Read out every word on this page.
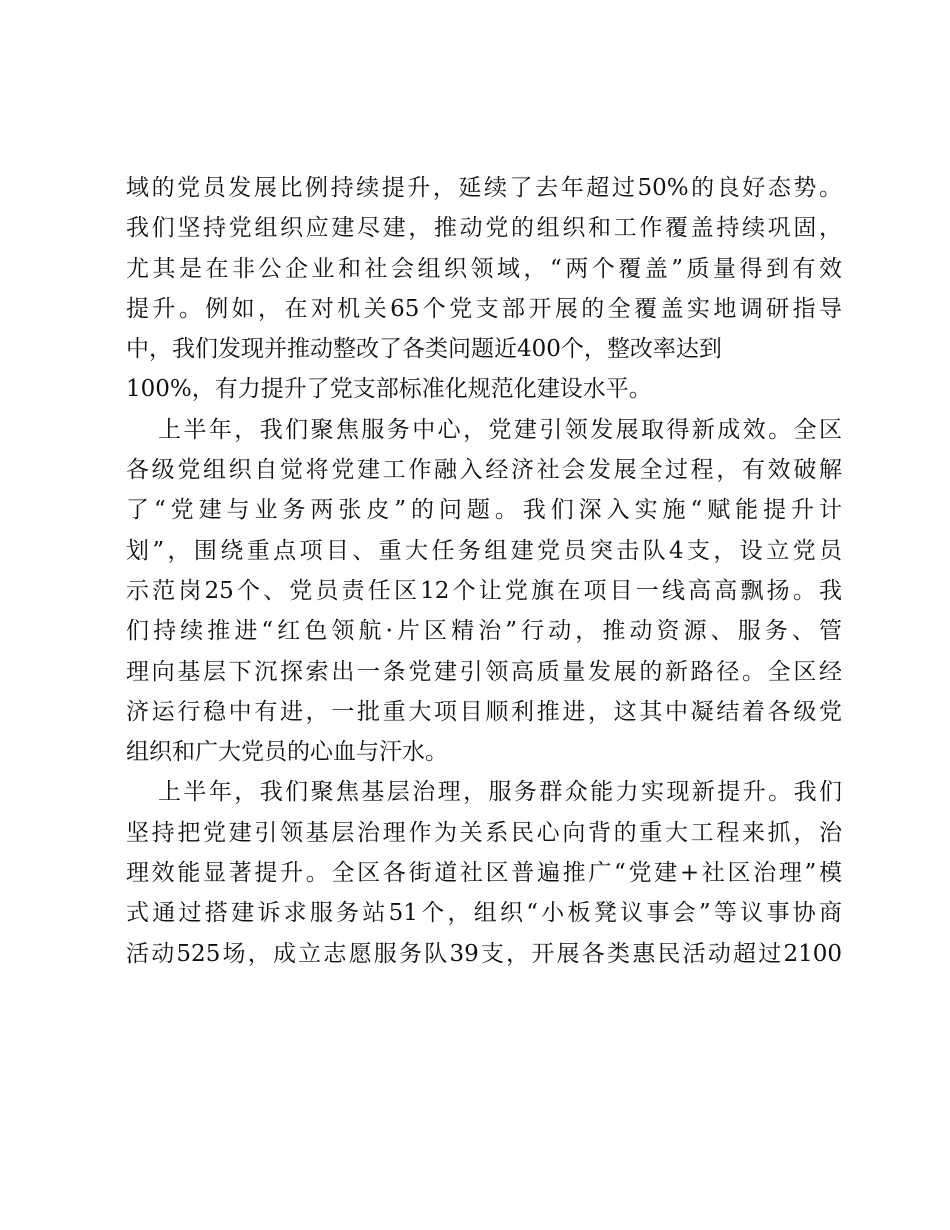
域的党员发展比例持续提升，延续了去年超过50%的良好态势。
我们坚持党组织应建尽建，推动党的组织和工作覆盖持续巩固，
尤其是在非公企业和社会组织领域，“两个覆盖”质量得到有效
提升。例如，在对机关65个党支部开展的全覆盖实地调研指导
中，我们发现并推动整改了各类问题近400个，整改率达到
100%，有力提升了党支部标准化规范化建设水平。
上半年，我们聚焦服务中心，党建引领发展取得新成效。全区
各级党组织自觉将党建工作融入经济社会发展全过程，有效破解
了“党建与业务两张皮”的问题。我们深入实施“赋能提升计
划”，围绕重点项目、重大任务组建党员突击队4支，设立党员
示范岗25个、党员责任区12个让党旗在项目一线高高飘扬。我
们持续推进“红色领航·片区精治”行动，推动资源、服务、管
理向基层下沉探索出一条党建引领高质量发展的新路径。全区经
济运行稳中有进，一批重大项目顺利推进，这其中凝结着各级党
组织和广大党员的心血与汗水。
上半年，我们聚焦基层治理，服务群众能力实现新提升。我们
坚持把党建引领基层治理作为关系民心向背的重大工程来抓，治
理效能显著提升。全区各街道社区普遍推广“党建+社区治理”模
式通过搭建诉求服务站51个，组织“小板凳议事会”等议事协商
活动525场，成立志愿服务队39支，开展各类惠民活动超过2100
